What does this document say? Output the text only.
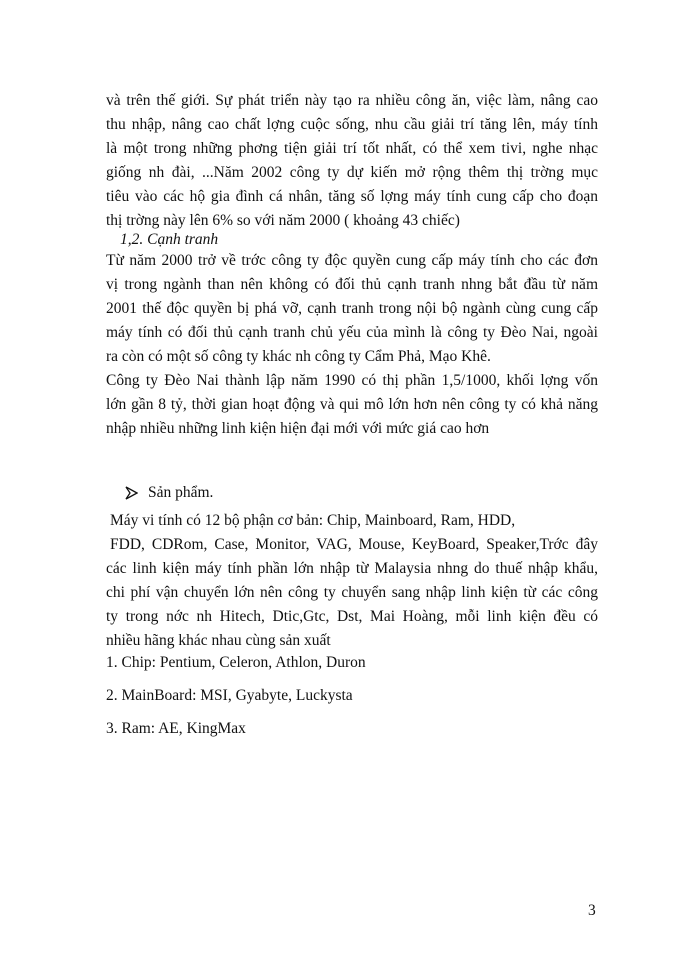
và trên thế giới. Sự phát triển này tạo ra nhiều công ăn, việc làm, nâng cao
thu nhập, nâng cao chất lợng cuộc sống, nhu cầu giải trí tăng lên, máy tính
là một trong những phơng tiện giải trí tốt nhất, có thể xem tivi, nghe nhạc
giống nh đài, ...Năm 2002 công ty dự kiến mở rộng thêm thị trờng mục
tiêu vào các hộ gia đình cá nhân, tăng số lợng máy tính cung cấp cho đoạn
thị trờng này lên 6% so với năm 2000 ( khoảng 43 chiếc)
1,2. Cạnh tranh
Từ năm 2000 trở về trớc công ty độc quyền cung cấp máy tính cho các đơn
vị trong ngành than nên không có đối thủ cạnh tranh nhng bắt đầu từ năm
2001 thế độc quyền bị phá vỡ, cạnh tranh trong nội bộ ngành cùng cung cấp
máy tính có đối thủ cạnh tranh chủ yếu của mình là công ty Đèo Nai, ngoài
ra còn có một số công ty khác nh công ty Cẩm Phả, Mạo Khê.
Công ty Đèo Nai thành lập năm 1990 có thị phần 1,5/1000, khối lợng vốn
lớn gần 8 tỷ, thời gian hoạt động và qui mô lớn hơn nên công ty có khả năng
nhập nhiều những linh kiện hiện đại mới với mức giá cao hơn
Sản phẩm.
Máy vi tính có 12 bộ phận cơ bản: Chip, Mainboard, Ram, HDD,
FDD, CDRom, Case, Monitor, VAG, Mouse, KeyBoard, Speaker,Trớc đây
các linh kiện máy tính phần lớn nhập từ Malaysia nhng do thuế nhập khẩu,
chi phí vận chuyển lớn nên công ty chuyển sang nhập linh kiện từ các công
ty trong nớc nh Hitech, Dtic,Gtc, Dst, Mai Hoàng, mỗi linh kiện đều có
nhiều hãng khác nhau cùng sản xuất
1. Chip: Pentium, Celeron, Athlon, Duron
2. MainBoard: MSI, Gyabyte, Luckysta
3. Ram: AE, KingMax
3
